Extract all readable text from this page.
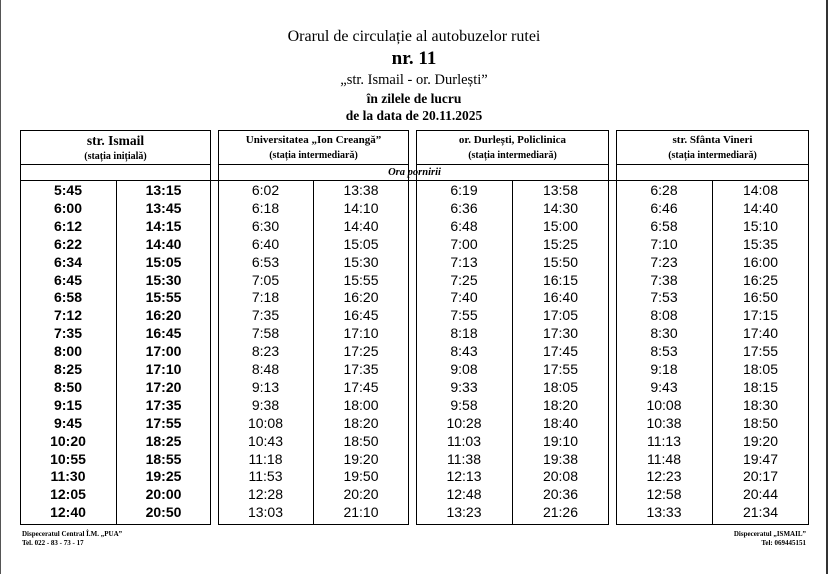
Orarul de circulație al autobuzelor rutei
nr. 11
„str. Ismail - or. Durlești”
în zilele de lucru
de la data de 20.11.2025
str. Ismail
(stația inițială)
Universitatea „Ion Creangă”
(stația intermediară)
or. Durlești, Policlinica
(stația intermediară)
str. Sfânta Vineri
(stația intermediară)
Ora pornirii
5:45	13:15	6:02	13:38	6:19	13:58	6:28	14:08
6:00	13:45	6:18	14:10	6:36	14:30	6:46	14:40
6:12	14:15	6:30	14:40	6:48	15:00	6:58	15:10
6:22	14:40	6:40	15:05	7:00	15:25	7:10	15:35
6:34	15:05	6:53	15:30	7:13	15:50	7:23	16:00
6:45	15:30	7:05	15:55	7:25	16:15	7:38	16:25
6:58	15:55	7:18	16:20	7:40	16:40	7:53	16:50
7:12	16:20	7:35	16:45	7:55	17:05	8:08	17:15
7:35	16:45	7:58	17:10	8:18	17:30	8:30	17:40
8:00	17:00	8:23	17:25	8:43	17:45	8:53	17:55
8:25	17:10	8:48	17:35	9:08	17:55	9:18	18:05
8:50	17:20	9:13	17:45	9:33	18:05	9:43	18:15
9:15	17:35	9:38	18:00	9:58	18:20	10:08	18:30
9:45	17:55	10:08	18:20	10:28	18:40	10:38	18:50
10:20	18:25	10:43	18:50	11:03	19:10	11:13	19:20
10:55	18:55	11:18	19:20	11:38	19:38	11:48	19:47
11:30	19:25	11:53	19:50	12:13	20:08	12:23	20:17
12:05	20:00	12:28	20:20	12:48	20:36	12:58	20:44
12:40	20:50	13:03	21:10	13:23	21:26	13:33	21:34
Dispeceratul Central Î.M. „PUA”
Tel. 022 - 83 - 73 - 17
Dispeceratul „ISMAIL”
Tel: 069445151
